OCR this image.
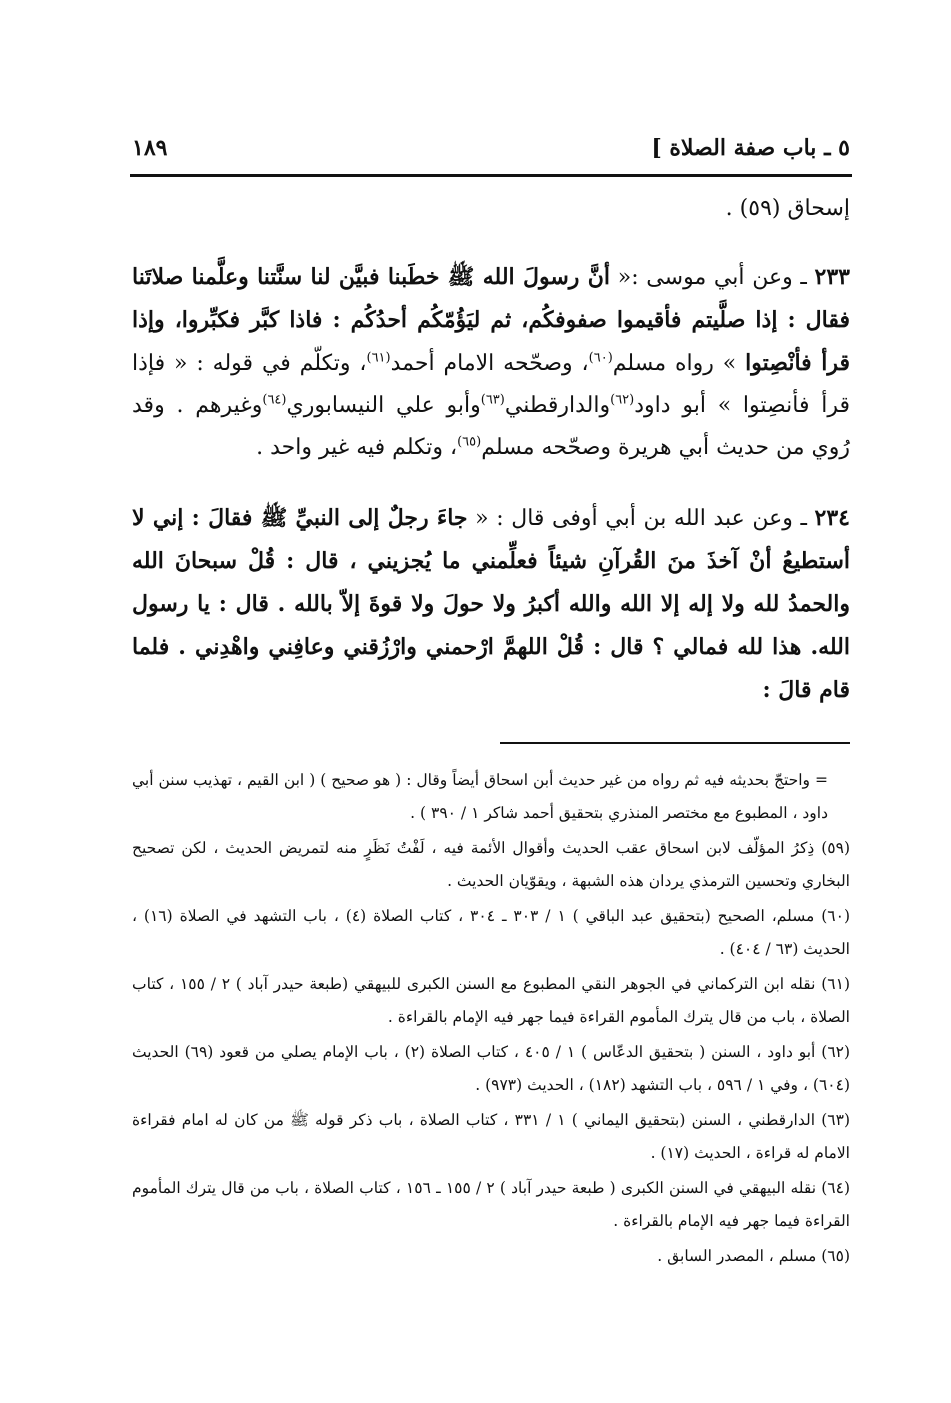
٥ ـ باب صفة الصلاة ]
١٨٩

إسحاق (٥٩) .

٢٣٣ ـ وعن أبي موسى :« أنَّ رسولَ الله ﷺ خطَبنا فبيَّن لنا سنَّتنا وعلَّمنا صلاتَنا فقال : إذا صلَّيتم فأقيموا صفوفكُم، ثم ليَؤُمّكُم أحدُكُم : فاذا كبَّر فكبِّروا، وإذا قرأ فأنْصِتوا » رواه مسلم$^{(٦٠)}$، وصحّحه الامام أحمد$^{(٦١)}$، وتكلّم في قوله : « فإذا قرأ فأنصِتوا » أبو داود$^{(٦٢)}$والدارقطني$^{(٦٣)}$وأبو علي النيسابوري$^{(٦٤)}$وغيرهم . وقد رُوي من حديث أبي هريرة وصحّحه مسلم$^{(٦٥)}$، وتكلم فيه غير واحد .

٢٣٤ ـ وعن عبد الله بن أبي أوفى قال : « جاءَ رجلٌ إلى النبيِّ ﷺ فقالَ : إني لا أستطيعُ أنْ آخذَ منَ القُرآنِ شيئاً فعلِّمني ما يُجزيني ، قال : قُلْ سبحانَ الله والحمدُ لله ولا إله إلا الله والله أكبرُ ولا حولَ ولا قوةَ إلاّ بالله . قال : يا رسول الله. هذا لله فمالي ؟ قال : قُلْ اللهمَّ ارْحمني وارْزُقني وعافِني واهْدِني . فلما قام قالَ :

= واحتجّ بحديثه فيه ثم رواه من غير حديث أبن اسحاق أيضاً وقال : ( هو صحيح ) ( ابن القيم ، تهذيب سنن أبي داود ، المطبوع مع مختصر المنذري بتحقيق أحمد شاكر ١ / ٣٩٠ ) .

(٥٩) ذِكرُ المؤلّف لابن اسحاق عقب الحديث وأقوال الأئمة فيه ، لَفْتُ نَظَرٍ منه لتمريض الحديث ، لكن تصحيح البخاري وتحسين الترمذي يردان هذه الشبهة ، ويقوّيان الحديث .

(٦٠) مسلم، الصحيح (بتحقيق عبد الباقي ) ١ / ٣٠٣ ـ ٣٠٤ ، كتاب الصلاة (٤) ، باب التشهد في الصلاة (١٦) ، الحديث (٦٣ / ٤٠٤) .

(٦١) نقله ابن التركماني في الجوهر النقي المطبوع مع السنن الكبرى للبيهقي (طبعة حيدر آباد ) ٢ / ١٥٥ ، كتاب الصلاة ، باب من قال يترك المأموم القراءة فيما جهر فيه الإمام بالقراءة .

(٦٢) أبو داود ، السنن ( بتحقيق الدعّاس ) ١ / ٤٠٥ ، كتاب الصلاة (٢) ، باب الإمام يصلي من قعود (٦٩) الحديث (٦٠٤) ، وفي ١ / ٥٩٦ ، باب التشهد (١٨٢) ، الحديث (٩٧٣) .

(٦٣) الدارقطني ، السنن (بتحقيق اليماني ) ١ / ٣٣١ ، كتاب الصلاة ، باب ذكر قوله ﷺ من كان له امام فقراءة الامام له قراءة ، الحديث (١٧) .

(٦٤) نقله البيهقي في السنن الكبرى ( طبعة حيدر آباد ) ٢ / ١٥٥ ـ ١٥٦ ، كتاب الصلاة ، باب من قال يترك المأموم القراءة فيما جهر فيه الإمام بالقراءة .

(٦٥) مسلم ، المصدر السابق .
